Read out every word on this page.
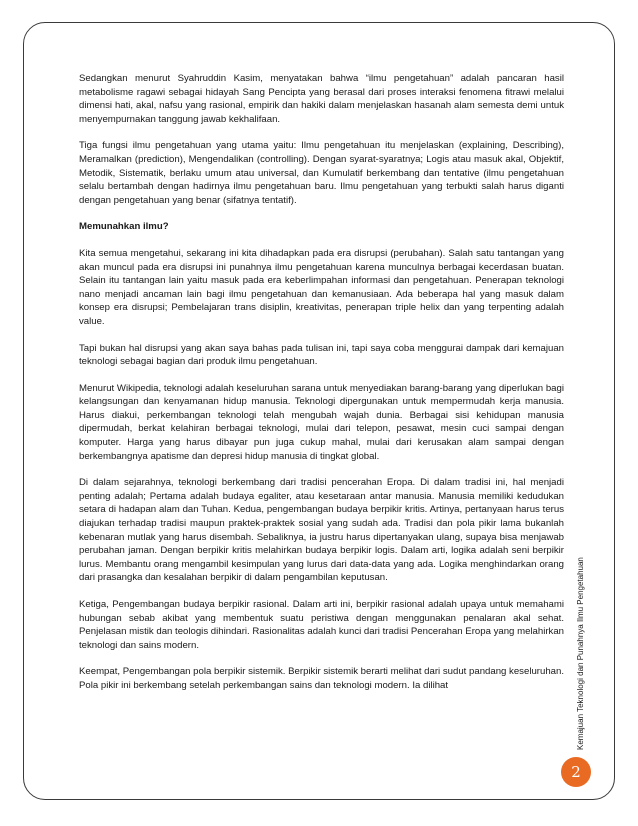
Sedangkan menurut Syahruddin Kasim, menyatakan bahwa “ilmu pengetahuan” adalah pancaran hasil metabolisme ragawi sebagai hidayah Sang Pencipta yang berasal dari proses interaksi fenomena fitrawi melalui dimensi hati, akal, nafsu yang rasional, empirik dan hakiki dalam menjelaskan hasanah alam semesta demi untuk menyempurnakan tanggung jawab kekhalifaan.

Tiga fungsi ilmu pengetahuan yang utama yaitu: Ilmu pengetahuan itu menjelaskan (explaining, Describing), Meramalkan (prediction), Mengendalikan (controlling). Dengan syarat-syaratnya; Logis atau masuk akal, Objektif, Metodik, Sistematik, berlaku umum atau universal, dan Kumulatif berkembang dan tentative (ilmu pengetahuan selalu bertambah dengan hadirnya ilmu pengetahuan baru. Ilmu pengetahuan yang terbukti salah harus diganti dengan pengetahuan yang benar (sifatnya tentatif).

Memunahkan ilmu?

Kita semua mengetahui, sekarang ini kita dihadapkan pada era disrupsi (perubahan). Salah satu tantangan yang akan muncul pada era disrupsi ini punahnya ilmu pengetahuan karena munculnya berbagai kecerdasan buatan. Selain itu tantangan lain yaitu masuk pada era keberlimpahan informasi dan pengetahuan. Penerapan teknologi nano menjadi ancaman lain bagi ilmu pengetahuan dan kemanusiaan. Ada beberapa hal yang masuk dalam konsep era disrupsi; Pembelajaran trans disiplin, kreativitas, penerapan triple helix dan yang terpenting adalah value.

Tapi bukan hal disrupsi yang akan saya bahas pada tulisan ini, tapi saya coba menggurai dampak dari kemajuan teknologi sebagai bagian dari produk ilmu pengetahuan.

Menurut Wikipedia, teknologi adalah keseluruhan sarana untuk menyediakan barang-barang yang diperlukan bagi kelangsungan dan kenyamanan hidup manusia. Teknologi dipergunakan untuk mempermudah kerja manusia. Harus diakui, perkembangan teknologi telah mengubah wajah dunia. Berbagai sisi kehidupan manusia dipermudah, berkat kelahiran berbagai teknologi, mulai dari telepon, pesawat, mesin cuci sampai dengan komputer. Harga yang harus dibayar pun juga cukup mahal, mulai dari kerusakan alam sampai dengan berkembangnya apatisme dan depresi hidup manusia di tingkat global.

Di dalam sejarahnya, teknologi berkembang dari tradisi pencerahan Eropa. Di dalam tradisi ini, hal menjadi penting adalah; Pertama adalah budaya egaliter, atau kesetaraan antar manusia. Manusia memiliki kedudukan setara di hadapan alam dan Tuhan. Kedua, pengembangan budaya berpikir kritis. Artinya, pertanyaan harus terus diajukan terhadap tradisi maupun praktek-praktek sosial yang sudah ada. Tradisi dan pola pikir lama bukanlah kebenaran mutlak yang harus disembah. Sebaliknya, ia justru harus dipertanyakan ulang, supaya bisa menjawab perubahan jaman. Dengan berpikir kritis melahirkan budaya berpikir logis. Dalam arti, logika adalah seni berpikir lurus. Membantu orang mengambil kesimpulan yang lurus dari data-data yang ada. Logika menghindarkan orang dari prasangka dan kesalahan berpikir di dalam pengambilan keputusan.

Ketiga, Pengembangan budaya berpikir rasional. Dalam arti ini, berpikir rasional adalah upaya untuk memahami hubungan sebab akibat yang membentuk suatu peristiwa dengan menggunakan penalaran akal sehat. Penjelasan mistik dan teologis dihindari. Rasionalitas adalah kunci dari tradisi Pencerahan Eropa yang melahirkan teknologi dan sains modern.

Keempat, Pengembangan pola berpikir sistemik. Berpikir sistemik berarti melihat dari sudut pandang keseluruhan. Pola pikir ini berkembang setelah perkembangan sains dan teknologi modern. Ia dilihat	Kemajuan Teknologi dan Punahnya Ilmu Pengetahuan
2
